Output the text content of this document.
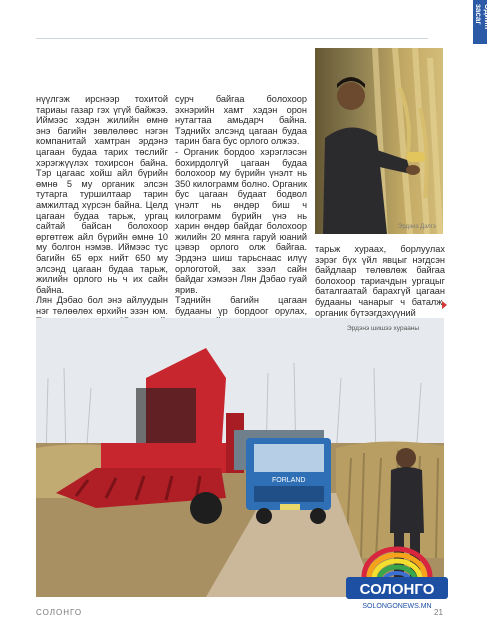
Эдийн засаг
нүүлгэж ирснээр тохитой тариаы газар гэх үгүй байжээ. Иймээс хэдэн жилийн өмнө энэ багийн зөвлөлөөс нэгэн компанитай хамтран эрдэнэ цагаан будаа тарих төслийг хэрэгжүүлэх тохирсон байна. Тэр цагаас хойш айл бүрийн өмнө 5 му органик элсэн тутарга туршилтаар тарин амжилтад хүрсэн байна. Целд цагаан будаа тарьж, ургац сайтай байсан болохоор өргөтгөж айл бүрийн өмнө 10 му болгон нэмэв. Иймээс тус багийн 65 өрх нийт 650 му элсэнд цагаан будаа тарьж, жилийн орлого нь ч их сайн байна.
Лян Дэбао бол энэ айлуудын нэг төлөөлөх өрхийн эзэн юм.
сурч байгаа болохоор эхнэрийн хамт хэдэн орон нутагтаа амьдарч байна. Тэднийх элсэнд цагаан будаа тарин бага бус орлого олжээ.
- Органик бордоо хэрэглэсэн бохирдолгүй цагаан будаа болохоор му бүрийн үнэлт нь 350 килограмм болно. Органик бус цагаан будаат бодвол үнэлт нь өндөр биш ч килограмм бүрийн үнэ нь харин өндөр байдаг болохоор жилийн 20 мянга гаруй юаний цэвэр орлого олж байгаа. Эрдэнэ шиш тарьснаас илүү орлоготой, зах зээл сайн байдаг хэмээн Лян Дэбао гуай ярив.
Тэднийн багийн цагаан будааны үр бордоог орулах,
Эрдэнэ Дэлгэ
тарьж хураах, борлуулах зэрэг бүх үйл явцыг нэгдсэн байдлаар төлөвлөж байгаа болохоор тариачдын ургацыг баталгаатай барахгүй цагаан будааны чанарыг ч баталж, органик бүтээгдэхүүний
FORLAND
Эрдэнэ шишээ хурааны
СОЛОНГО
SOLONGONEWS.MN
СОЛОНГО	21
